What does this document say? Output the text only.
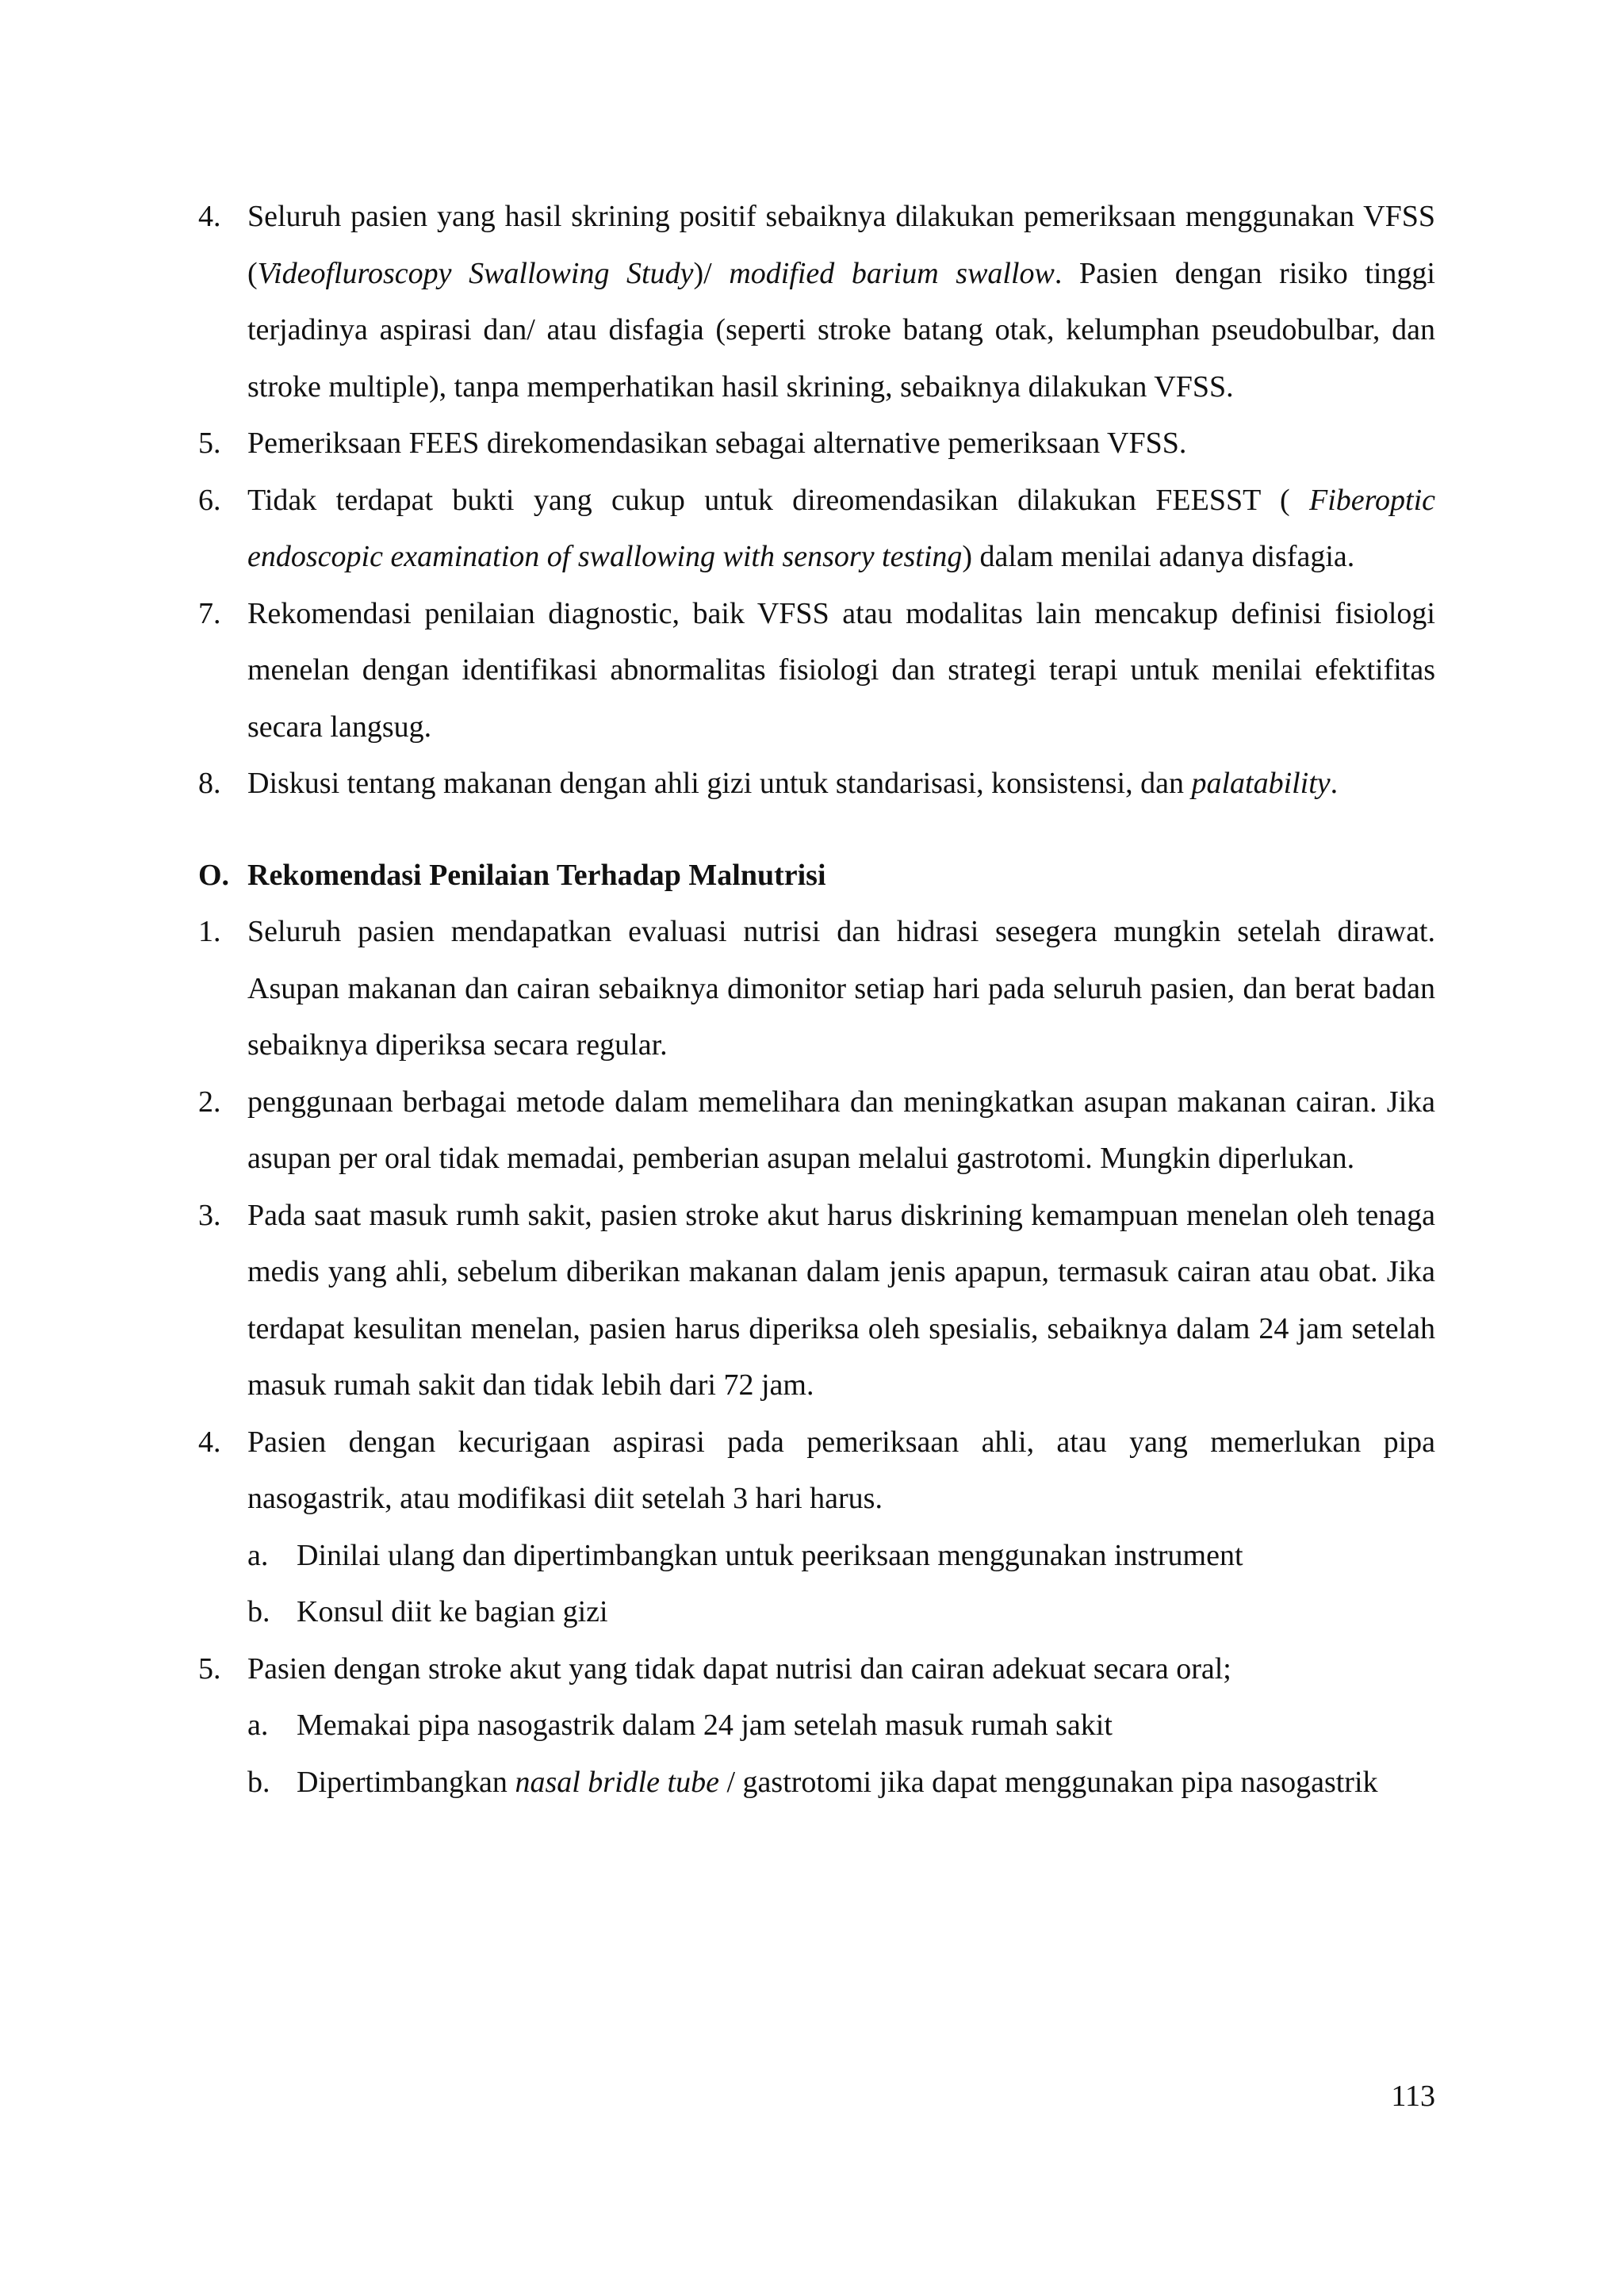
4. Seluruh pasien yang hasil skrining positif sebaiknya dilakukan pemeriksaan menggunakan VFSS (Videofluroscopy Swallowing Study)/ modified barium swallow. Pasien dengan risiko tinggi terjadinya aspirasi dan/ atau disfagia (seperti stroke batang otak, kelumphan pseudobulbar, dan stroke multiple), tanpa memperhatikan hasil skrining, sebaiknya dilakukan VFSS.
5. Pemeriksaan FEES direkomendasikan sebagai alternative pemeriksaan VFSS.
6. Tidak terdapat bukti yang cukup untuk direomendasikan dilakukan FEESST ( Fiberoptic endoscopic examination of swallowing with sensory testing) dalam menilai adanya disfagia.
7. Rekomendasi penilaian diagnostic, baik VFSS atau modalitas lain mencakup definisi fisiologi menelan dengan identifikasi abnormalitas fisiologi dan strategi terapi untuk menilai efektifitas secara langsug.
8. Diskusi tentang makanan dengan ahli gizi untuk standarisasi, konsistensi, dan palatability.
O. Rekomendasi Penilaian Terhadap Malnutrisi
1. Seluruh pasien mendapatkan evaluasi nutrisi dan hidrasi sesegera mungkin setelah dirawat. Asupan makanan dan cairan sebaiknya dimonitor setiap hari pada seluruh pasien, dan berat badan sebaiknya diperiksa secara regular.
2. penggunaan berbagai metode dalam memelihara dan meningkatkan asupan makanan cairan. Jika asupan per oral tidak memadai, pemberian asupan melalui gastrotomi. Mungkin diperlukan.
3. Pada saat masuk rumh sakit, pasien stroke akut harus diskrining kemampuan menelan oleh tenaga medis yang ahli, sebelum diberikan makanan dalam jenis apapun, termasuk cairan atau obat. Jika terdapat kesulitan menelan, pasien harus diperiksa oleh spesialis, sebaiknya dalam 24 jam setelah masuk rumah sakit dan tidak lebih dari 72 jam.
4. Pasien dengan kecurigaan aspirasi pada pemeriksaan ahli, atau yang memerlukan pipa nasogastrik, atau modifikasi diit setelah 3 hari harus.
a. Dinilai ulang dan dipertimbangkan untuk peeriksaan menggunakan instrument
b. Konsul diit ke bagian gizi
5. Pasien dengan stroke akut yang tidak dapat nutrisi dan cairan adekuat secara oral;
a. Memakai pipa nasogastrik dalam 24 jam setelah masuk rumah sakit
b. Dipertimbangkan nasal bridle tube / gastrotomi jika dapat menggunakan pipa nasogastrik
113
